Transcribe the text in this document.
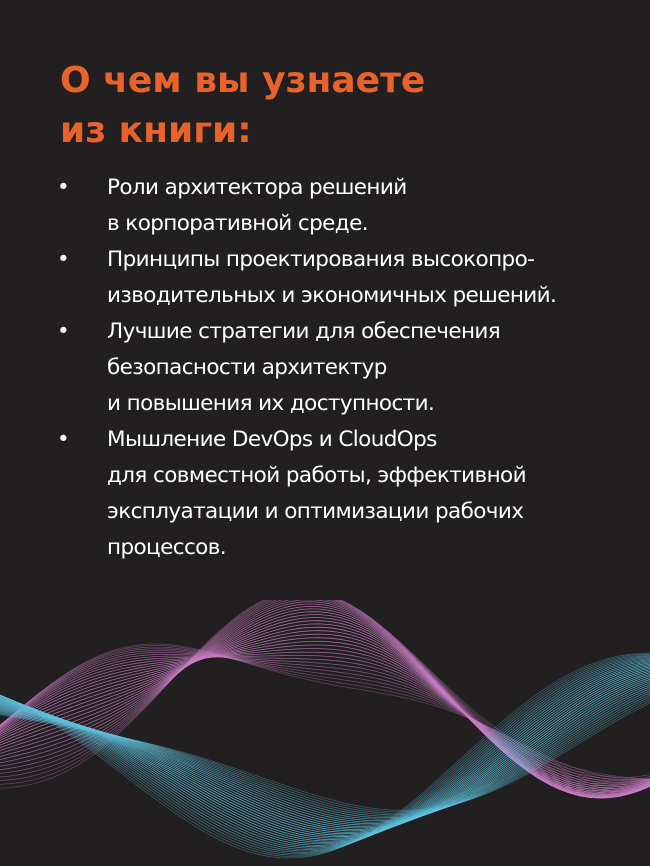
О чем вы узнаете
из книги:
• Роли архитектора решений
в корпоративной среде.
• Принципы проектирования высокопро-
изводительных и экономичных решений.
• Лучшие стратегии для обеспечения
безопасности архитектур
и повышения их доступности.
• Мышление DevOps и CloudOps
для совместной работы, эффективной
эксплуатации и оптимизации рабочих
процессов.
